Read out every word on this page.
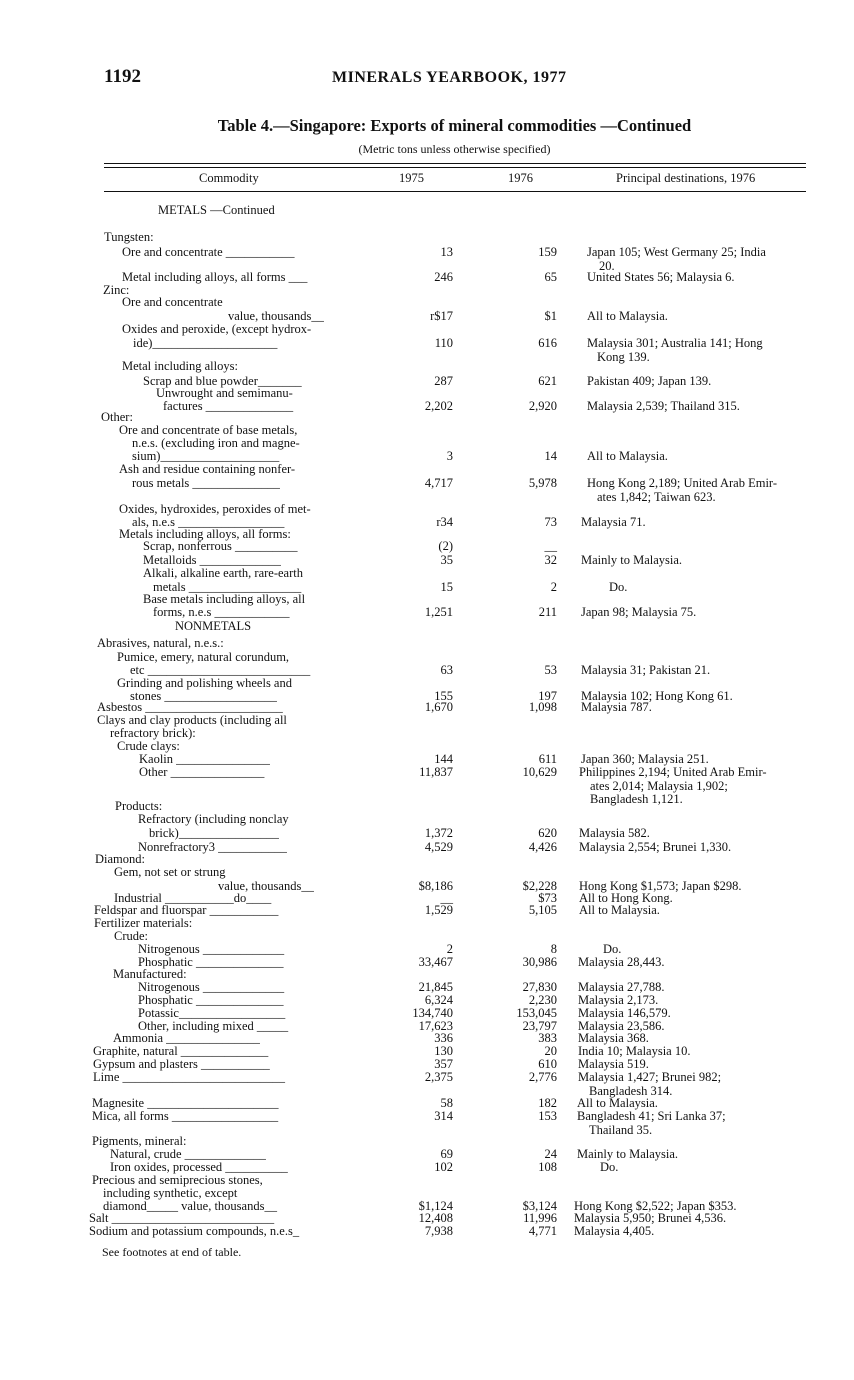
1192	MINERALS YEARBOOK, 1977
Table 4.—Singapore: Exports of mineral commodities —Continued
(Metric tons unless otherwise specified)
Commodity	1975	1976	Principal destinations, 1976
METALS —Continued
Tungsten:
Ore and concentrate ___________	13	159 Japan 105; West Germany 25; India
20.
Metal including alloys, all forms ___	246	65 United States 56; Malaysia 6.
Zinc:
Ore and concentrate
value, thousands__	r$17	$1 All to Malaysia.
Oxides and peroxide, (except hydrox-
ide)____________________	110	616 Malaysia 301; Australia 141; Hong
Kong 139.
Metal including alloys:
Scrap and blue powder_______	287	621 Pakistan 409; Japan 139.
Unwrought and semimanu-
factures ______________	2,202	2,920 Malaysia 2,539; Thailand 315.
Other:
Ore and concentrate of base metals,
n.e.s. (excluding iron and magne-
sium)___________________	3	14 All to Malaysia.
Ash and residue containing nonfer-
rous metals ______________	4,717	5,978 Hong Kong 2,189; United Arab Emir-
ates 1,842; Taiwan 623.
Oxides, hydroxides, peroxides of met-
als, n.e.s _________________	r34	73 Malaysia 71.
Metals including alloys, all forms:
Scrap, nonferrous __________	(2)	__
Metalloids _____________	35	32 Mainly to Malaysia.
Alkali, alkaline earth, rare-earth
metals __________________	15	2	Do.
Base metals including alloys, all
forms, n.e.s ____________	1,251	211 Japan 98; Malaysia 75.
NONMETALS
Abrasives, natural, n.e.s.:
Pumice, emery, natural corundum,
etc __________________________	63	53 Malaysia 31; Pakistan 21.
Grinding and polishing wheels and
stones __________________	155	197 Malaysia 102; Hong Kong 61.
Asbestos ______________________	1,670	1,098 Malaysia 787.
Clays and clay products (including all
refractory brick):
Crude clays:
Kaolin _______________	144	611 Japan 360; Malaysia 251.
Other _______________	11,837	10,629 Philippines 2,194; United Arab Emir-
ates 2,014; Malaysia 1,902;
Bangladesh 1,121.
Products:
Refractory (including nonclay
brick)________________	1,372	620 Malaysia 582.
Nonrefractory3 ___________	4,529	4,426 Malaysia 2,554; Brunei 1,330.
Diamond:
Gem, not set or strung
value, thousands__	$8,186	$2,228 Hong Kong $1,573; Japan $298.
Industrial ___________do____	__	$73 All to Hong Kong.
Feldspar and fluorspar ___________	1,529	5,105 All to Malaysia.
Fertilizer materials:
Crude:
Nitrogenous _____________	2	8	Do.
Phosphatic ______________	33,467	30,986 Malaysia 28,443.
Manufactured:
Nitrogenous _____________	21,845	27,830 Malaysia 27,788.
Phosphatic ______________	6,324	2,230 Malaysia 2,173.
Potassic_________________	134,740	153,045 Malaysia 146,579.
Other, including mixed _____	17,623	23,797 Malaysia 23,586.
Ammonia _______________	336	383 Malaysia 368.
Graphite, natural ______________	130	20 India 10; Malaysia 10.
Gypsum and plasters ___________	357	610 Malaysia 519.
Lime __________________________	2,375	2,776 Malaysia 1,427; Brunei 982;
Bangladesh 314.
Magnesite _____________________	58	182 All to Malaysia.
Mica, all forms _________________	314	153 Bangladesh 41; Sri Lanka 37;
Thailand 35.
Pigments, mineral:
Natural, crude _____________	69	24 Mainly to Malaysia.
Iron oxides, processed __________	102	108	Do.
Precious and semiprecious stones,
including synthetic, except
diamond_____ value, thousands__	$1,124	$3,124 Hong Kong $2,522; Japan $353.
Salt __________________________	12,408	11,996 Malaysia 5,950; Brunei 4,536.
Sodium and potassium compounds, n.e.s_	7,938	4,771 Malaysia 4,405.
See footnotes at end of table.
